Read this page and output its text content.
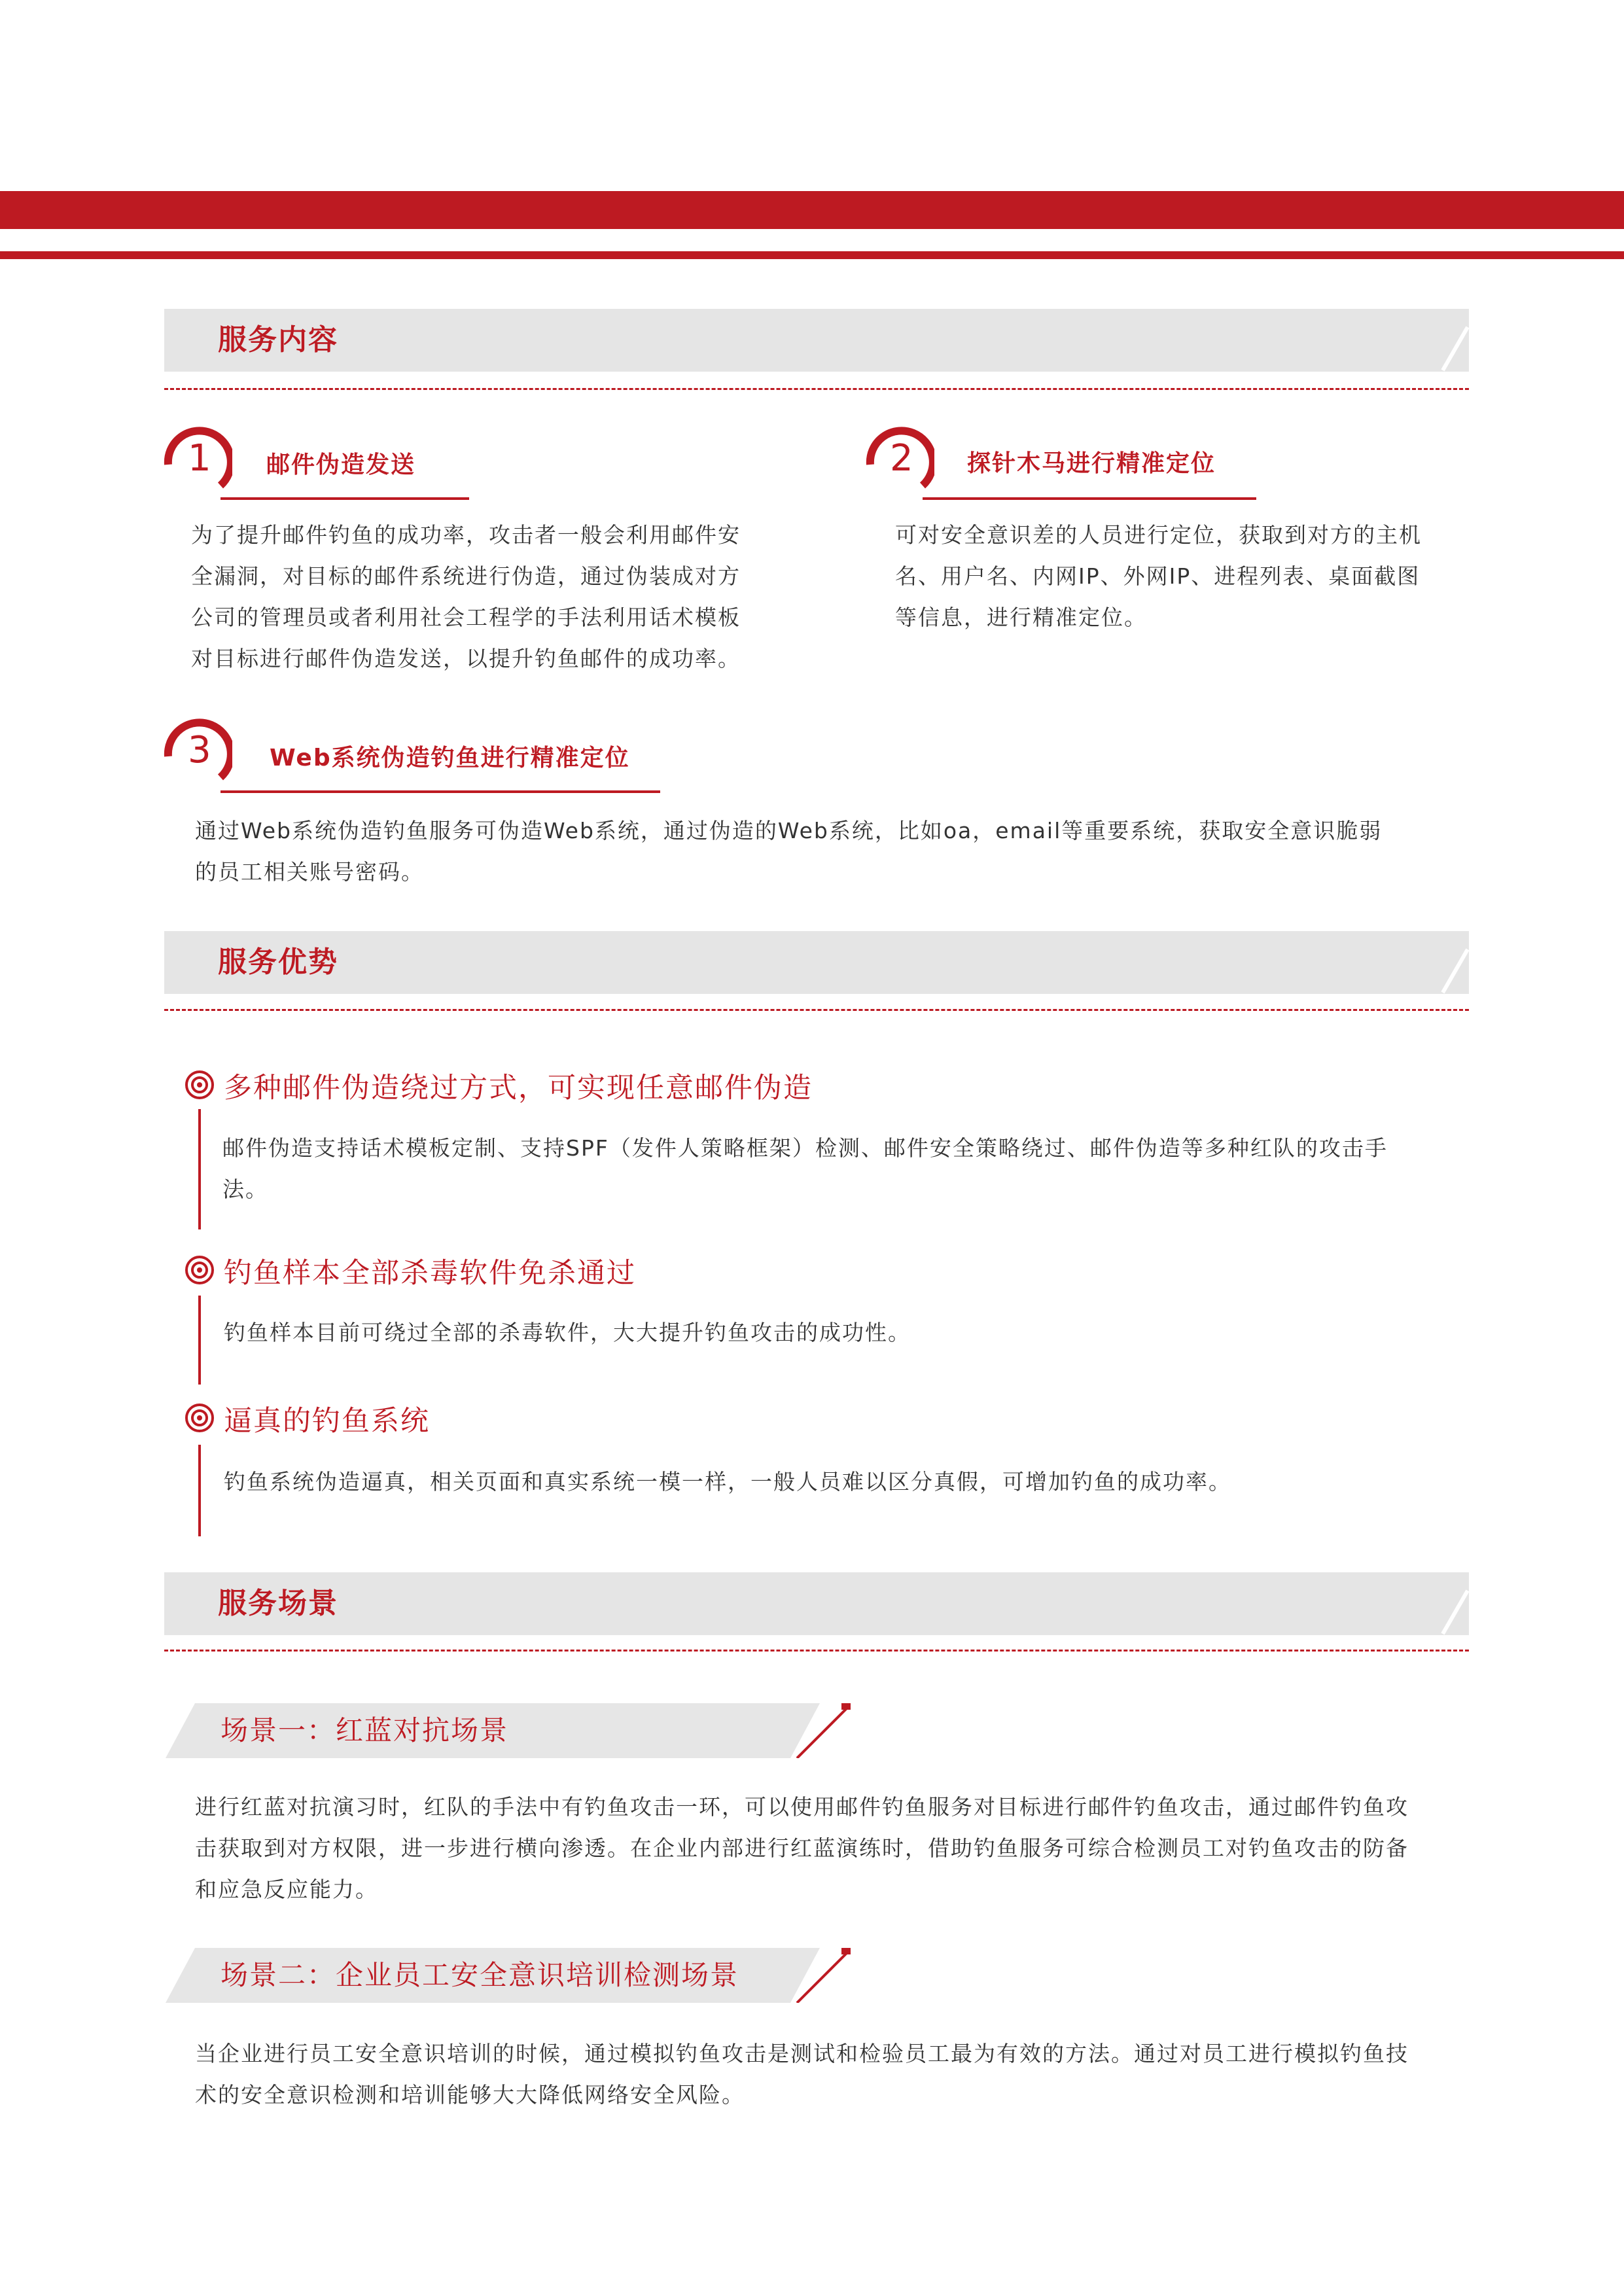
服务内容
1 邮件伪造发送
为了提升邮件钓鱼的成功率，攻击者一般会利用邮件安
全漏洞，对目标的邮件系统进行伪造，通过伪装成对方
公司的管理员或者利用社会工程学的手法利用话术模板
对目标进行邮件伪造发送，以提升钓鱼邮件的成功率。
2 探针木马进行精准定位
可对安全意识差的人员进行定位，获取到对方的主机
名、用户名、内网IP、外网IP、进程列表、桌面截图
等信息，进行精准定位。
3 Web系统伪造钓鱼进行精准定位
通过Web系统伪造钓鱼服务可伪造Web系统，通过伪造的Web系统，比如oa，email等重要系统，获取安全意识脆弱
的员工相关账号密码。
服务优势
多种邮件伪造绕过方式，可实现任意邮件伪造
邮件伪造支持话术模板定制、支持SPF（发件人策略框架）检测、邮件安全策略绕过、邮件伪造等多种红队的攻击手
法。
钓鱼样本全部杀毒软件免杀通过
钓鱼样本目前可绕过全部的杀毒软件，大大提升钓鱼攻击的成功性。
逼真的钓鱼系统
钓鱼系统伪造逼真，相关页面和真实系统一模一样，一般人员难以区分真假，可增加钓鱼的成功率。
服务场景
场景一：红蓝对抗场景
进行红蓝对抗演习时，红队的手法中有钓鱼攻击一环，可以使用邮件钓鱼服务对目标进行邮件钓鱼攻击，通过邮件钓鱼攻
击获取到对方权限，进一步进行横向渗透。在企业内部进行红蓝演练时，借助钓鱼服务可综合检测员工对钓鱼攻击的防备
和应急反应能力。
场景二：企业员工安全意识培训检测场景
当企业进行员工安全意识培训的时候，通过模拟钓鱼攻击是测试和检验员工最为有效的方法。通过对员工进行模拟钓鱼技
术的安全意识检测和培训能够大大降低网络安全风险。
